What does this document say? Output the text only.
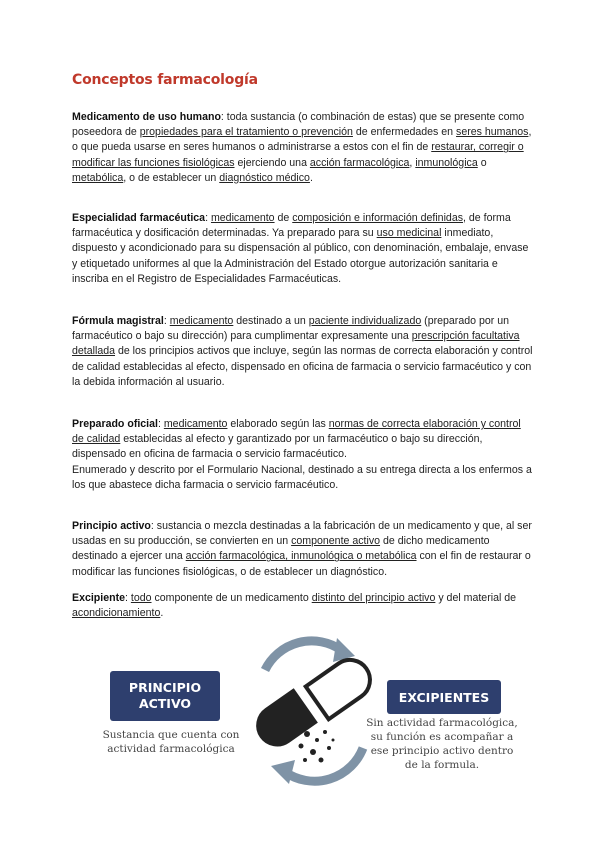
Conceptos farmacología

Medicamento de uso humano: toda sustancia (o combinación de estas) que se presente como poseedora de propiedades para el tratamiento o prevención de enfermedades en seres humanos, o que pueda usarse en seres humanos o administrarse a estos con el fin de restaurar, corregir o modificar las funciones fisiológicas ejerciendo una acción farmacológica, inmunológica o metabólica, o de establecer un diagnóstico médico.

Especialidad farmacéutica: medicamento de composición e información definidas, de forma farmacéutica y dosificación determinadas. Ya preparado para su uso medicinal inmediato, dispuesto y acondicionado para su dispensación al público, con denominación, embalaje, envase y etiquetado uniformes al que la Administración del Estado otorgue autorización sanitaria e inscriba en el Registro de Especialidades Farmacéuticas.

Fórmula magistral: medicamento destinado a un paciente individualizado (preparado por un farmacéutico o bajo su dirección) para cumplimentar expresamente una prescripción facultativa detallada de los principios activos que incluye, según las normas de correcta elaboración y control de calidad establecidas al efecto, dispensado en oficina de farmacia o servicio farmacéutico y con la debida información al usuario.

Preparado oficial: medicamento elaborado según las normas de correcta elaboración y control de calidad establecidas al efecto y garantizado por un farmacéutico o bajo su dirección, dispensado en oficina de farmacia o servicio farmacéutico.
Enumerado y descrito por el Formulario Nacional, destinado a su entrega directa a los enfermos a los que abastece dicha farmacia o servicio farmacéutico.

Principio activo: sustancia o mezcla destinadas a la fabricación de un medicamento y que, al ser usadas en su producción, se convierten en un componente activo de dicho medicamento destinado a ejercer una acción farmacológica, inmunológica o metabólica con el fin de restaurar o modificar las funciones fisiológicas, o de establecer un diagnóstico.

Excipiente: todo componente de un medicamento distinto del principio activo y del material de acondicionamiento.

PRINCIPIO
ACTIVO
Sustancia que cuenta con
actividad farmacológica
EXCIPIENTES
Sin actividad farmacológica,
su función es acompañar a
ese principio activo dentro
de la formula.
